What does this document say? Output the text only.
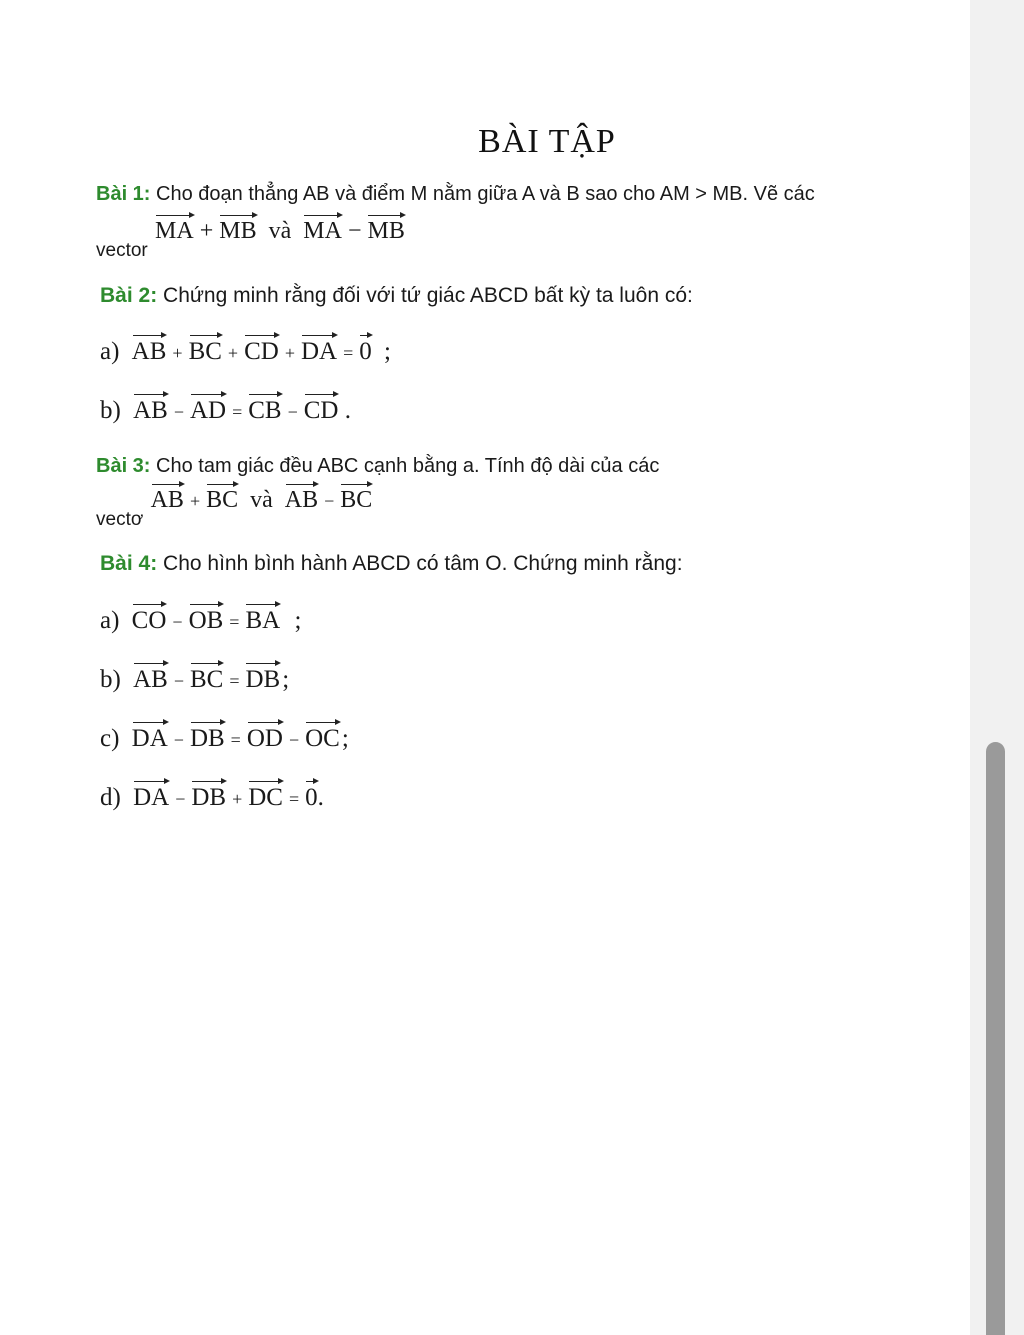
BÀI TẬP
Bài 1: Cho đoạn thẳng AB và điểm M nằm giữa A và B sao cho AM > MB. Vẽ các
vector MA + MB và MA − MB
Bài 2: Chứng minh rằng đối với tứ giác ABCD bất kỳ ta luôn có:
a) AB + BC + CD + DA = 0 ;
b) AB − AD = CB − CD .
Bài 3: Cho tam giác đều ABC cạnh bằng a. Tính độ dài của các
vectơ AB + BC và AB − BC
Bài 4: Cho hình bình hành ABCD có tâm O. Chứng minh rằng:
a) CO − OB = BA ;
b) AB − BC = DB;
c) DA − DB = OD − OC;
d) DA − DB + DC = 0.
